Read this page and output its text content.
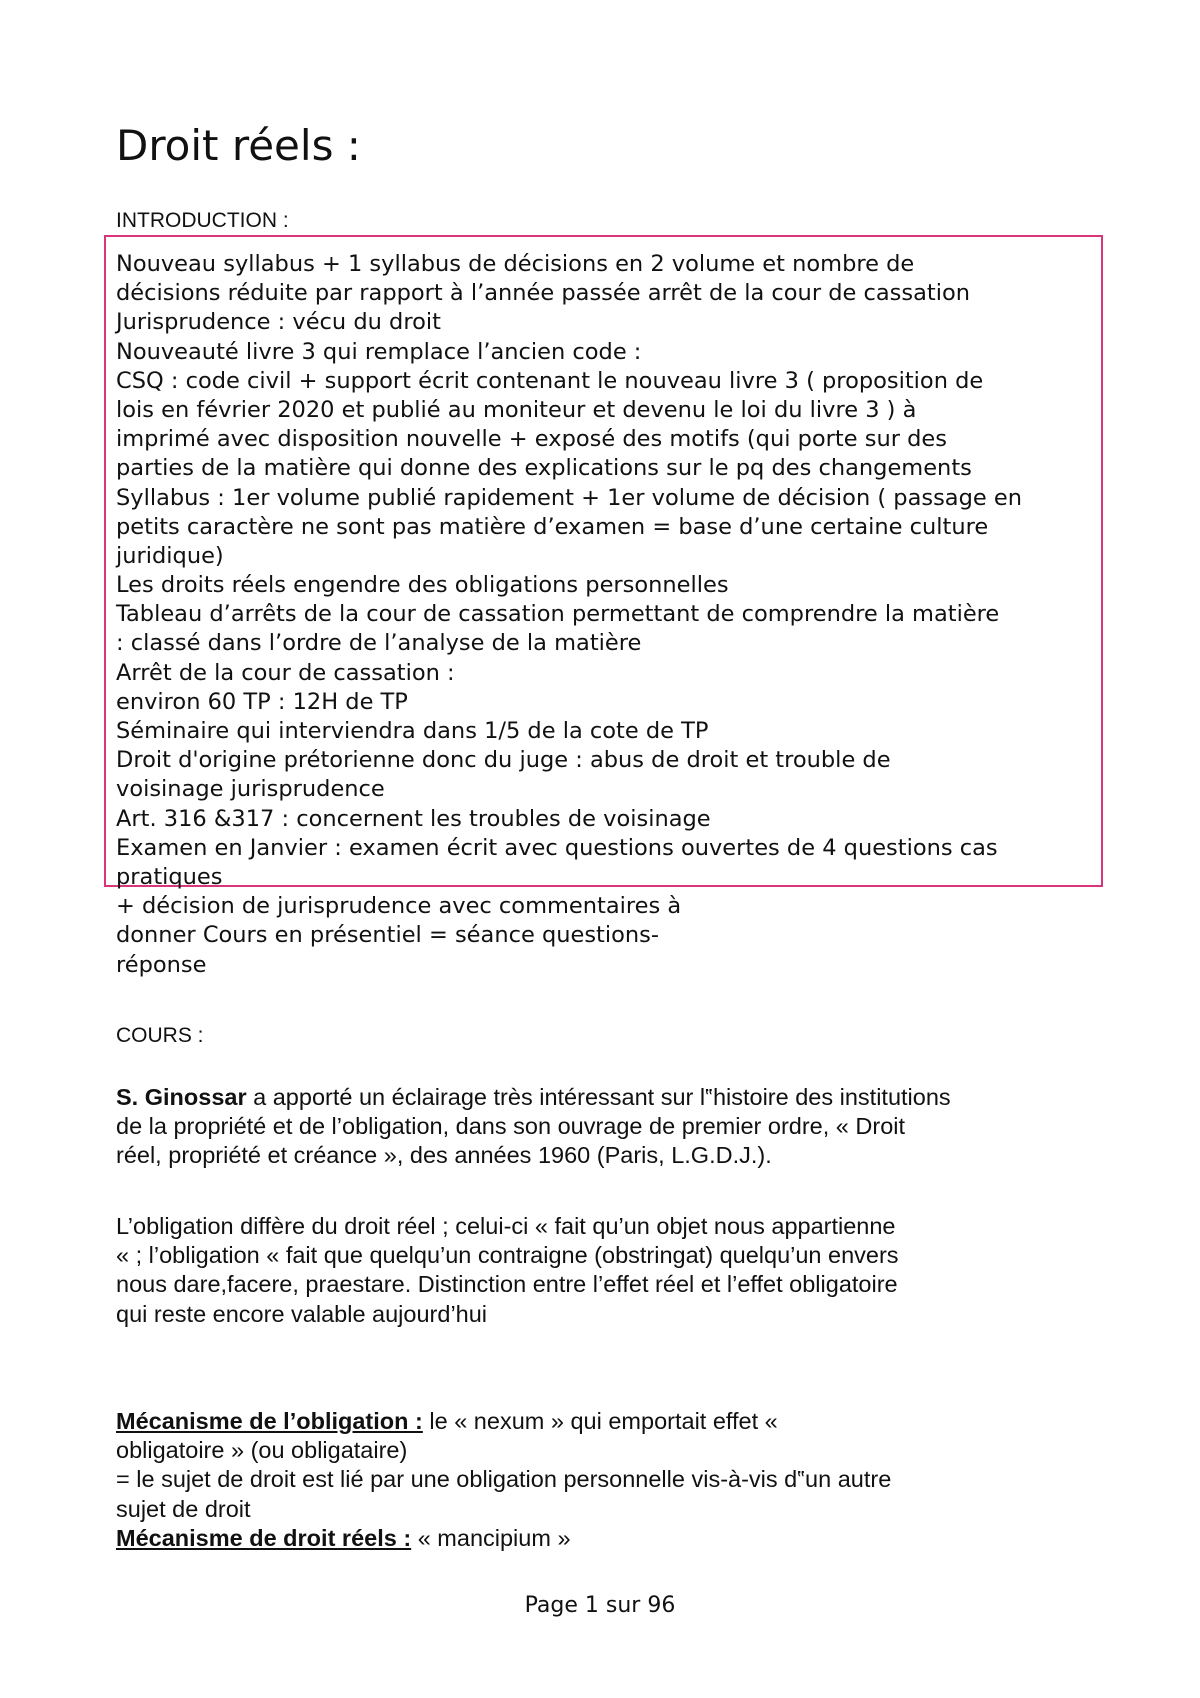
Droit réels :
INTRODUCTION :
Nouveau syllabus + 1 syllabus de décisions en 2 volume et nombre de
décisions réduite par rapport à l’année passée arrêt de la cour de cassation
Jurisprudence : vécu du droit
Nouveauté livre 3 qui remplace l’ancien code :
CSQ : code civil + support écrit contenant le nouveau livre 3 ( proposition de
lois en février 2020 et publié au moniteur et devenu le loi du livre 3 ) à
imprimé avec disposition nouvelle + exposé des motifs (qui porte sur des
parties de la matière qui donne des explications sur le pq des changements
Syllabus : 1er volume publié rapidement + 1er volume de décision ( passage en
petits caractère ne sont pas matière d’examen = base d’une certaine culture
juridique)
Les droits réels engendre des obligations personnelles
Tableau d’arrêts de la cour de cassation permettant de comprendre la matière
: classé dans l’ordre de l’analyse de la matière
Arrêt de la cour de cassation :
environ 60 TP : 12H de TP
Séminaire qui interviendra dans 1/5 de la cote de TP
Droit d'origine prétorienne donc du juge : abus de droit et trouble de
voisinage jurisprudence
Art. 316 &317 : concernent les troubles de voisinage
Examen en Janvier : examen écrit avec questions ouvertes de 4 questions cas
pratiques
+ décision de jurisprudence avec commentaires à
donner Cours en présentiel = séance questions-
réponse
COURS :
S. Ginossar a apporté un éclairage très intéressant sur l‟histoire des institutions
de la propriété et de l’obligation, dans son ouvrage de premier ordre, « Droit
réel, propriété et créance », des années 1960 (Paris, L.G.D.J.).
L’obligation diffère du droit réel ; celui-ci « fait qu’un objet nous appartienne
« ; l’obligation « fait que quelqu’un contraigne (obstringat) quelqu’un envers
nous dare,facere, praestare. Distinction entre l’effet réel et l’effet obligatoire
qui reste encore valable aujourd’hui
Mécanisme de l’obligation : le « nexum » qui emportait effet «
obligatoire » (ou obligataire)
= le sujet de droit est lié par une obligation personnelle vis-à-vis d‟un autre
sujet de droit
Mécanisme de droit réels : « mancipium »
Page 1 sur 96
